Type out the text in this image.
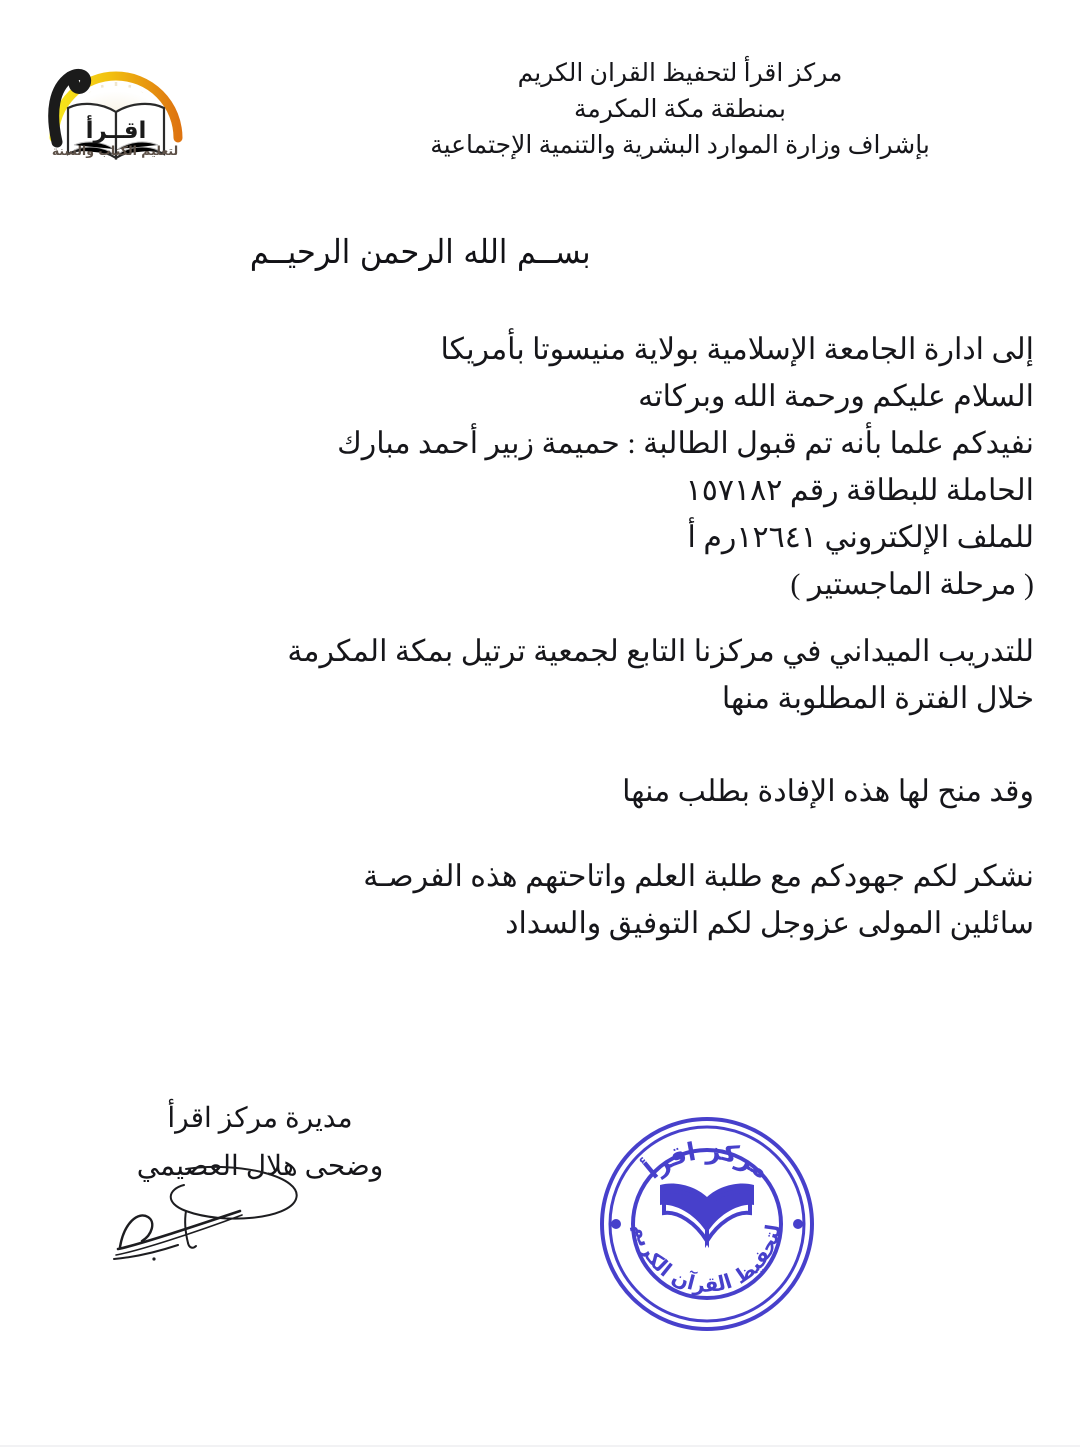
اقــرأ
لتعليم الكتاب والسنة
مركز اقرأ لتحفيظ القران الكريم
بمنطقة مكة المكرمة
بإشراف وزارة الموارد البشرية والتنمية الإجتماعية
بســم الله الرحمن الرحيــم

إلى ادارة الجامعة الإسلامية بولاية منيسوتا بأمريكا

السلام عليكم ورحمة الله وبركاته

نفيدكم علما بأنه تم قبول الطالبة : حميمة زبير أحمد مبارك

الحاملة للبطاقة رقم ١٥٧١٨٢

للملف الإلكتروني ١٢٦٤١رم أ

( مرحلة الماجستير )

للتدريب الميداني في مركزنا التابع لجمعية ترتيل بمكة المكرمة

خلال الفترة المطلوبة منها

وقد منح لها هذه الإفادة بطلب منها

نشكر لكم جهودكم مع طلبة العلم واتاحتهم هذه الفرصـة

سائلين المولى عزوجل لكم التوفيق والسداد

مديرة مركز اقرأ
وضحى هلال العصيمي	مركز اقرأ
لتحفيظ القرآن الكريم
